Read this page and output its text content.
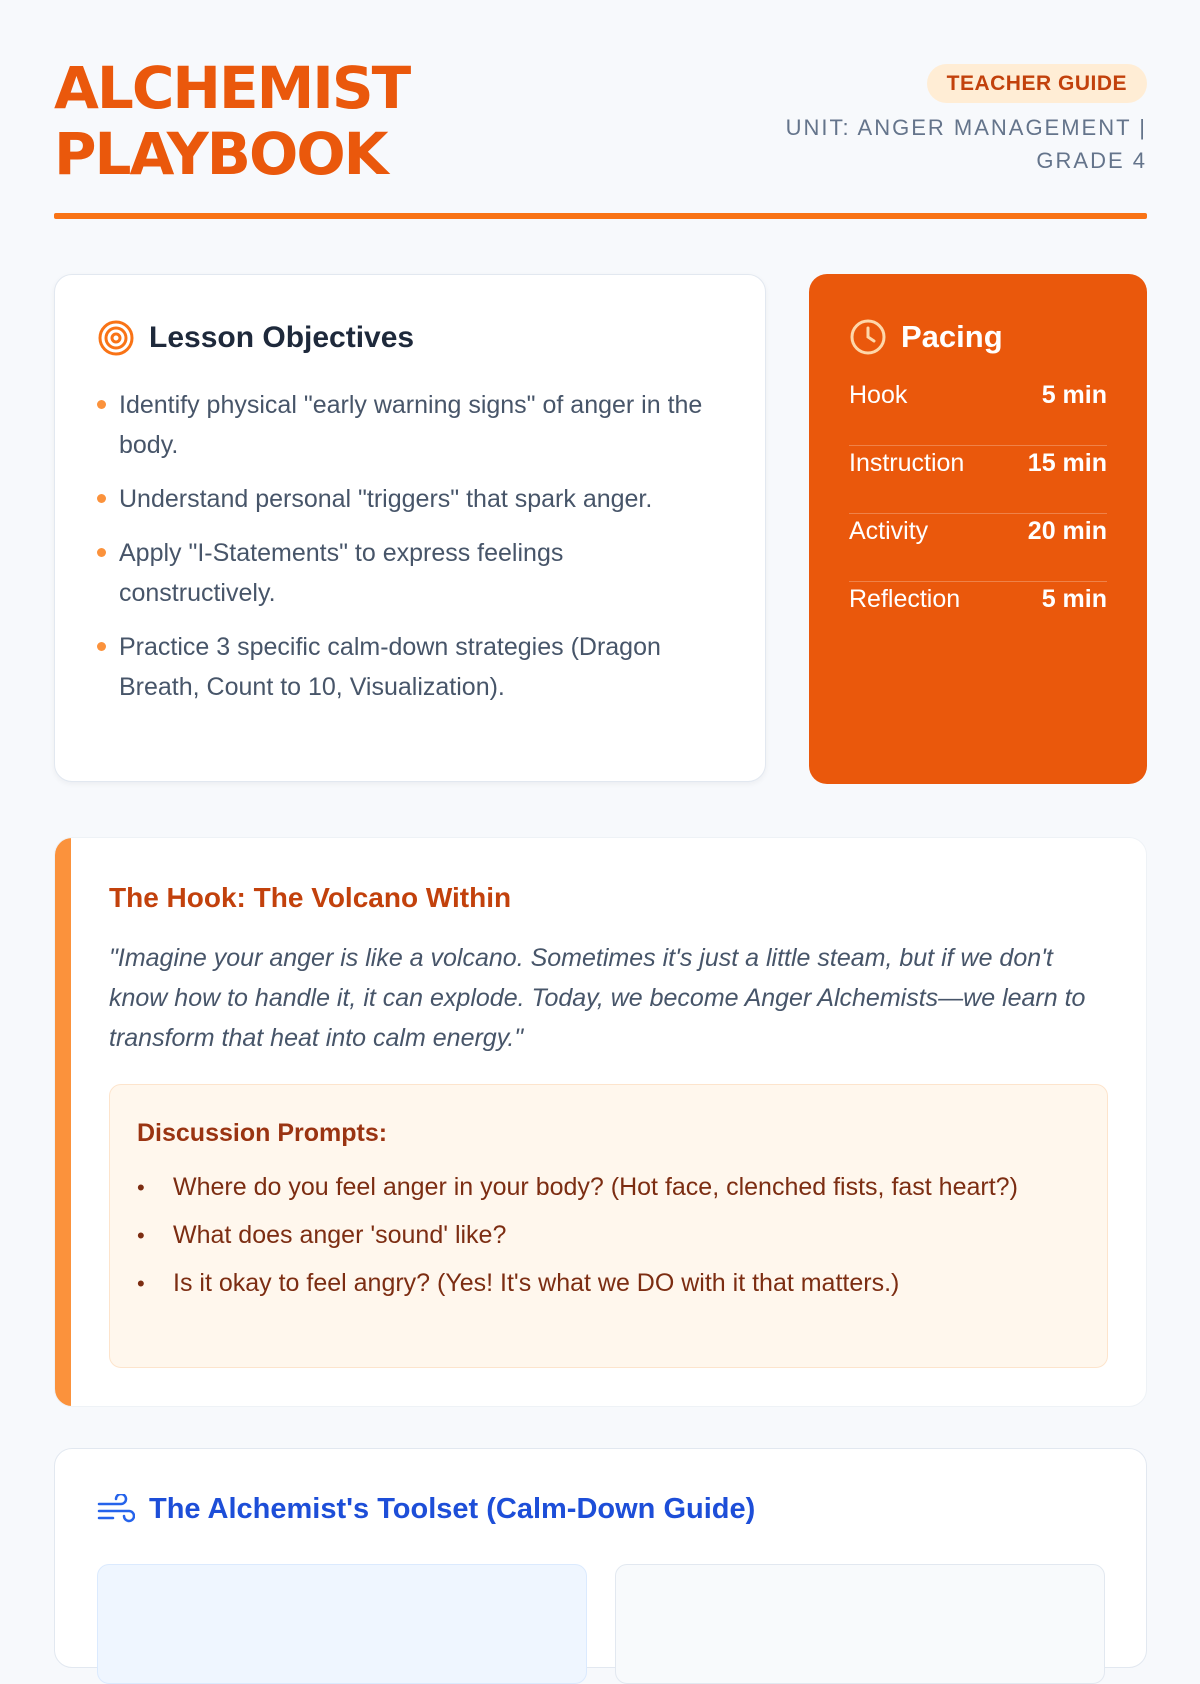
ALCHEMIST
PLAYBOOK
TEACHER GUIDE
UNIT: ANGER MANAGEMENT | GRADE 4
Lesson Objectives
Identify physical "early warning signs" of anger in the body.
Understand personal "triggers" that spark anger.
Apply "I-Statements" to express feelings constructively.
Practice 3 specific calm-down strategies (Dragon Breath, Count to 10, Visualization).
Pacing
Hook	5 min
Instruction	15 min
Activity	20 min
Reflection	5 min
The Hook: The Volcano Within

"Imagine your anger is like a volcano. Sometimes it's just a little steam, but if we don't know how to handle it, it can explode. Today, we become Anger Alchemists—we learn to transform that heat into calm energy."

Discussion Prompts:
• Where do you feel anger in your body? (Hot face, clenched fists, fast heart?)
• What does anger 'sound' like?
• Is it okay to feel angry? (Yes! It's what we DO with it that matters.)
The Alchemist's Toolset (Calm-Down Guide)
